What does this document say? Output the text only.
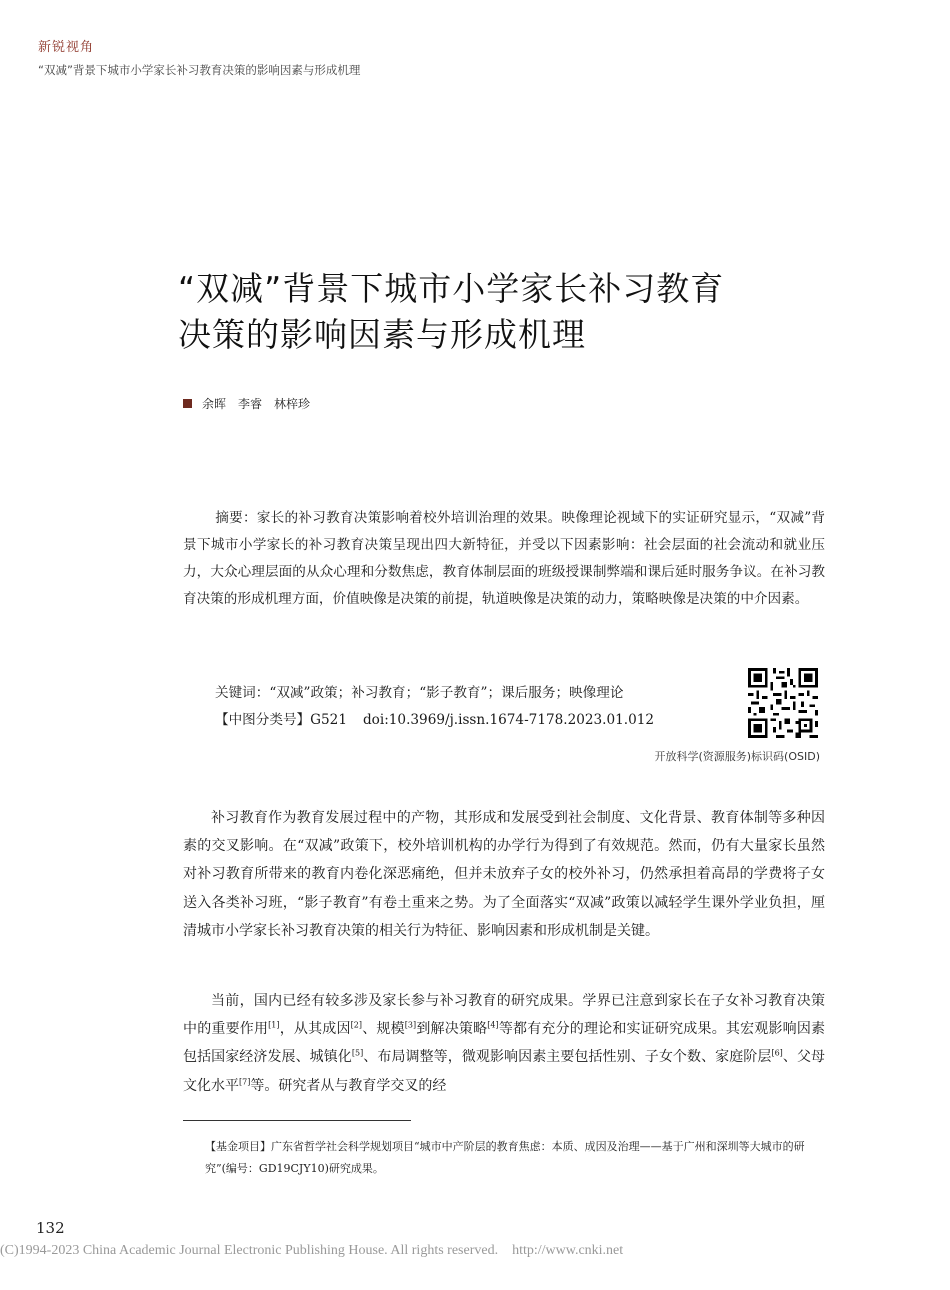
新锐视角
“双减”背景下城市小学家长补习教育决策的影响因素与形成机理
“双减”背景下城市小学家长补习教育
决策的影响因素与形成机理
余晖 李睿 林梓珍
摘要：家长的补习教育决策影响着校外培训治理的效果。映像理论视域下的实证研究显示，“双减”背景下城市小学家长的补习教育决策呈现出四大新特征，并受以下因素影响：社会层面的社会流动和就业压力，大众心理层面的从众心理和分数焦虑，教育体制层面的班级授课制弊端和课后延时服务争议。在补习教育决策的形成机理方面，价值映像是决策的前提，轨道映像是决策的动力，策略映像是决策的中介因素。
关键词：“双减”政策；补习教育；“影子教育”；课后服务；映像理论
【中图分类号】G521 doi:10.3969/j.issn.1674-7178.2023.01.012
开放科学(资源服务)标识码(OSID)
补习教育作为教育发展过程中的产物，其形成和发展受到社会制度、文化背景、教育体制等多种因素的交叉影响。在“双减”政策下，校外培训机构的办学行为得到了有效规范。然而，仍有大量家长虽然对补习教育所带来的教育内卷化深恶痛绝，但并未放弃子女的校外补习，仍然承担着高昂的学费将子女送入各类补习班，“影子教育”有卷土重来之势。为了全面落实“双减”政策以减轻学生课外学业负担，厘清城市小学家长补习教育决策的相关行为特征、影响因素和形成机制是关键。
当前，国内已经有较多涉及家长参与补习教育的研究成果。学界已注意到家长在子女补习教育决策中的重要作用[1]，从其成因[2]、规模[3]到解决策略[4]等都有充分的理论和实证研究成果。其宏观影响因素包括国家经济发展、城镇化[5]、布局调整等，微观影响因素主要包括性别、子女个数、家庭阶层[6]、父母文化水平[7]等。研究者从与教育学交叉的经
【基金项目】广东省哲学社会科学规划项目“城市中产阶层的教育焦虑：本质、成因及治理——基于广州和深圳等大城市的研究”(编号：GD19CJY10)研究成果。
132
(C)1994-2023 China Academic Journal Electronic Publishing House. All rights reserved. http://www.cnki.net
